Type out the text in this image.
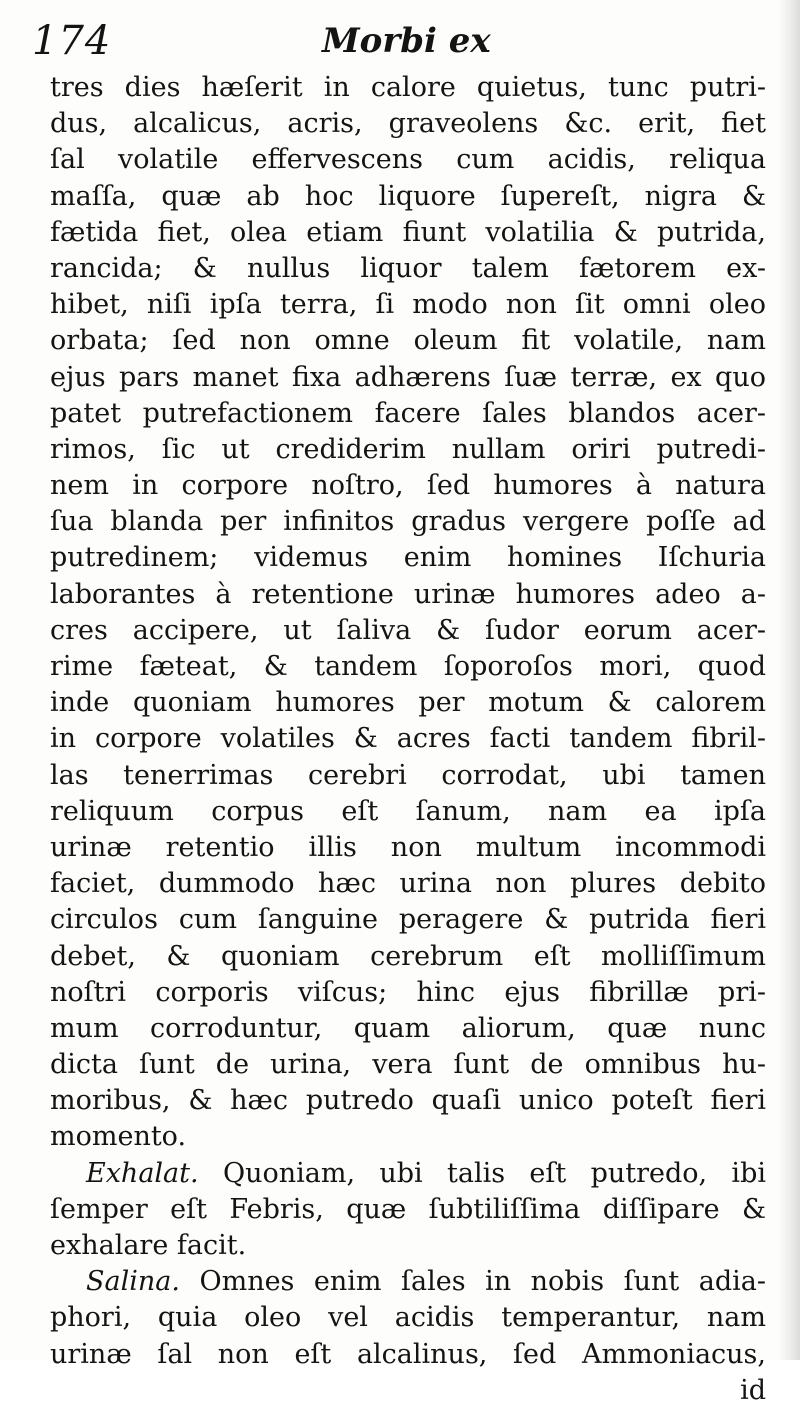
174	Morbi ex
tres dies hæſerit in calore quietus, tunc putri-
dus, alcalicus, acris, graveolens &c. erit, fiet
ſal volatile effervescens cum acidis, reliqua
maſſa, quæ ab hoc liquore ſupereſt, nigra &
fætida fiet, olea etiam fiunt volatilia & putrida,
rancida; & nullus liquor talem fætorem ex-
hibet, niſi ipſa terra, ſi modo non ſit omni oleo
orbata; ſed non omne oleum fit volatile, nam
ejus pars manet fixa adhærens ſuæ terræ, ex quo
patet putrefactionem facere ſales blandos acer-
rimos, ſic ut crediderim nullam oriri putredi-
nem in corpore noſtro, ſed humores à natura
ſua blanda per infinitos gradus vergere poſſe ad
putredinem; videmus enim homines Iſchuria
laborantes à retentione urinæ humores adeo a-
cres accipere, ut ſaliva & ſudor eorum acer-
rime fæteat, & tandem ſoporoſos mori, quod
inde quoniam humores per motum & calorem
in corpore volatiles & acres facti tandem fibril-
las tenerrimas cerebri corrodat, ubi tamen
reliquum corpus eſt ſanum, nam ea ipſa
urinæ retentio illis non multum incommodi
faciet, dummodo hæc urina non plures debito
circulos cum ſanguine peragere & putrida fieri
debet, & quoniam cerebrum eſt molliſſimum
noſtri corporis viſcus; hinc ejus fibrillæ pri-
mum corroduntur, quam aliorum, quæ nunc
dicta ſunt de urina, vera ſunt de omnibus hu-
moribus, & hæc putredo quaſi unico poteſt fieri
momento.
Exhalat. Quoniam, ubi talis eſt putredo, ibi
ſemper eſt Febris, quæ ſubtiliſſima diſſipare &
exhalare facit.
Salina. Omnes enim ſales in nobis ſunt adia-
phori, quia oleo vel acidis temperantur, nam
urinæ ſal non eſt alcalinus, ſed Ammoniacus,
id
